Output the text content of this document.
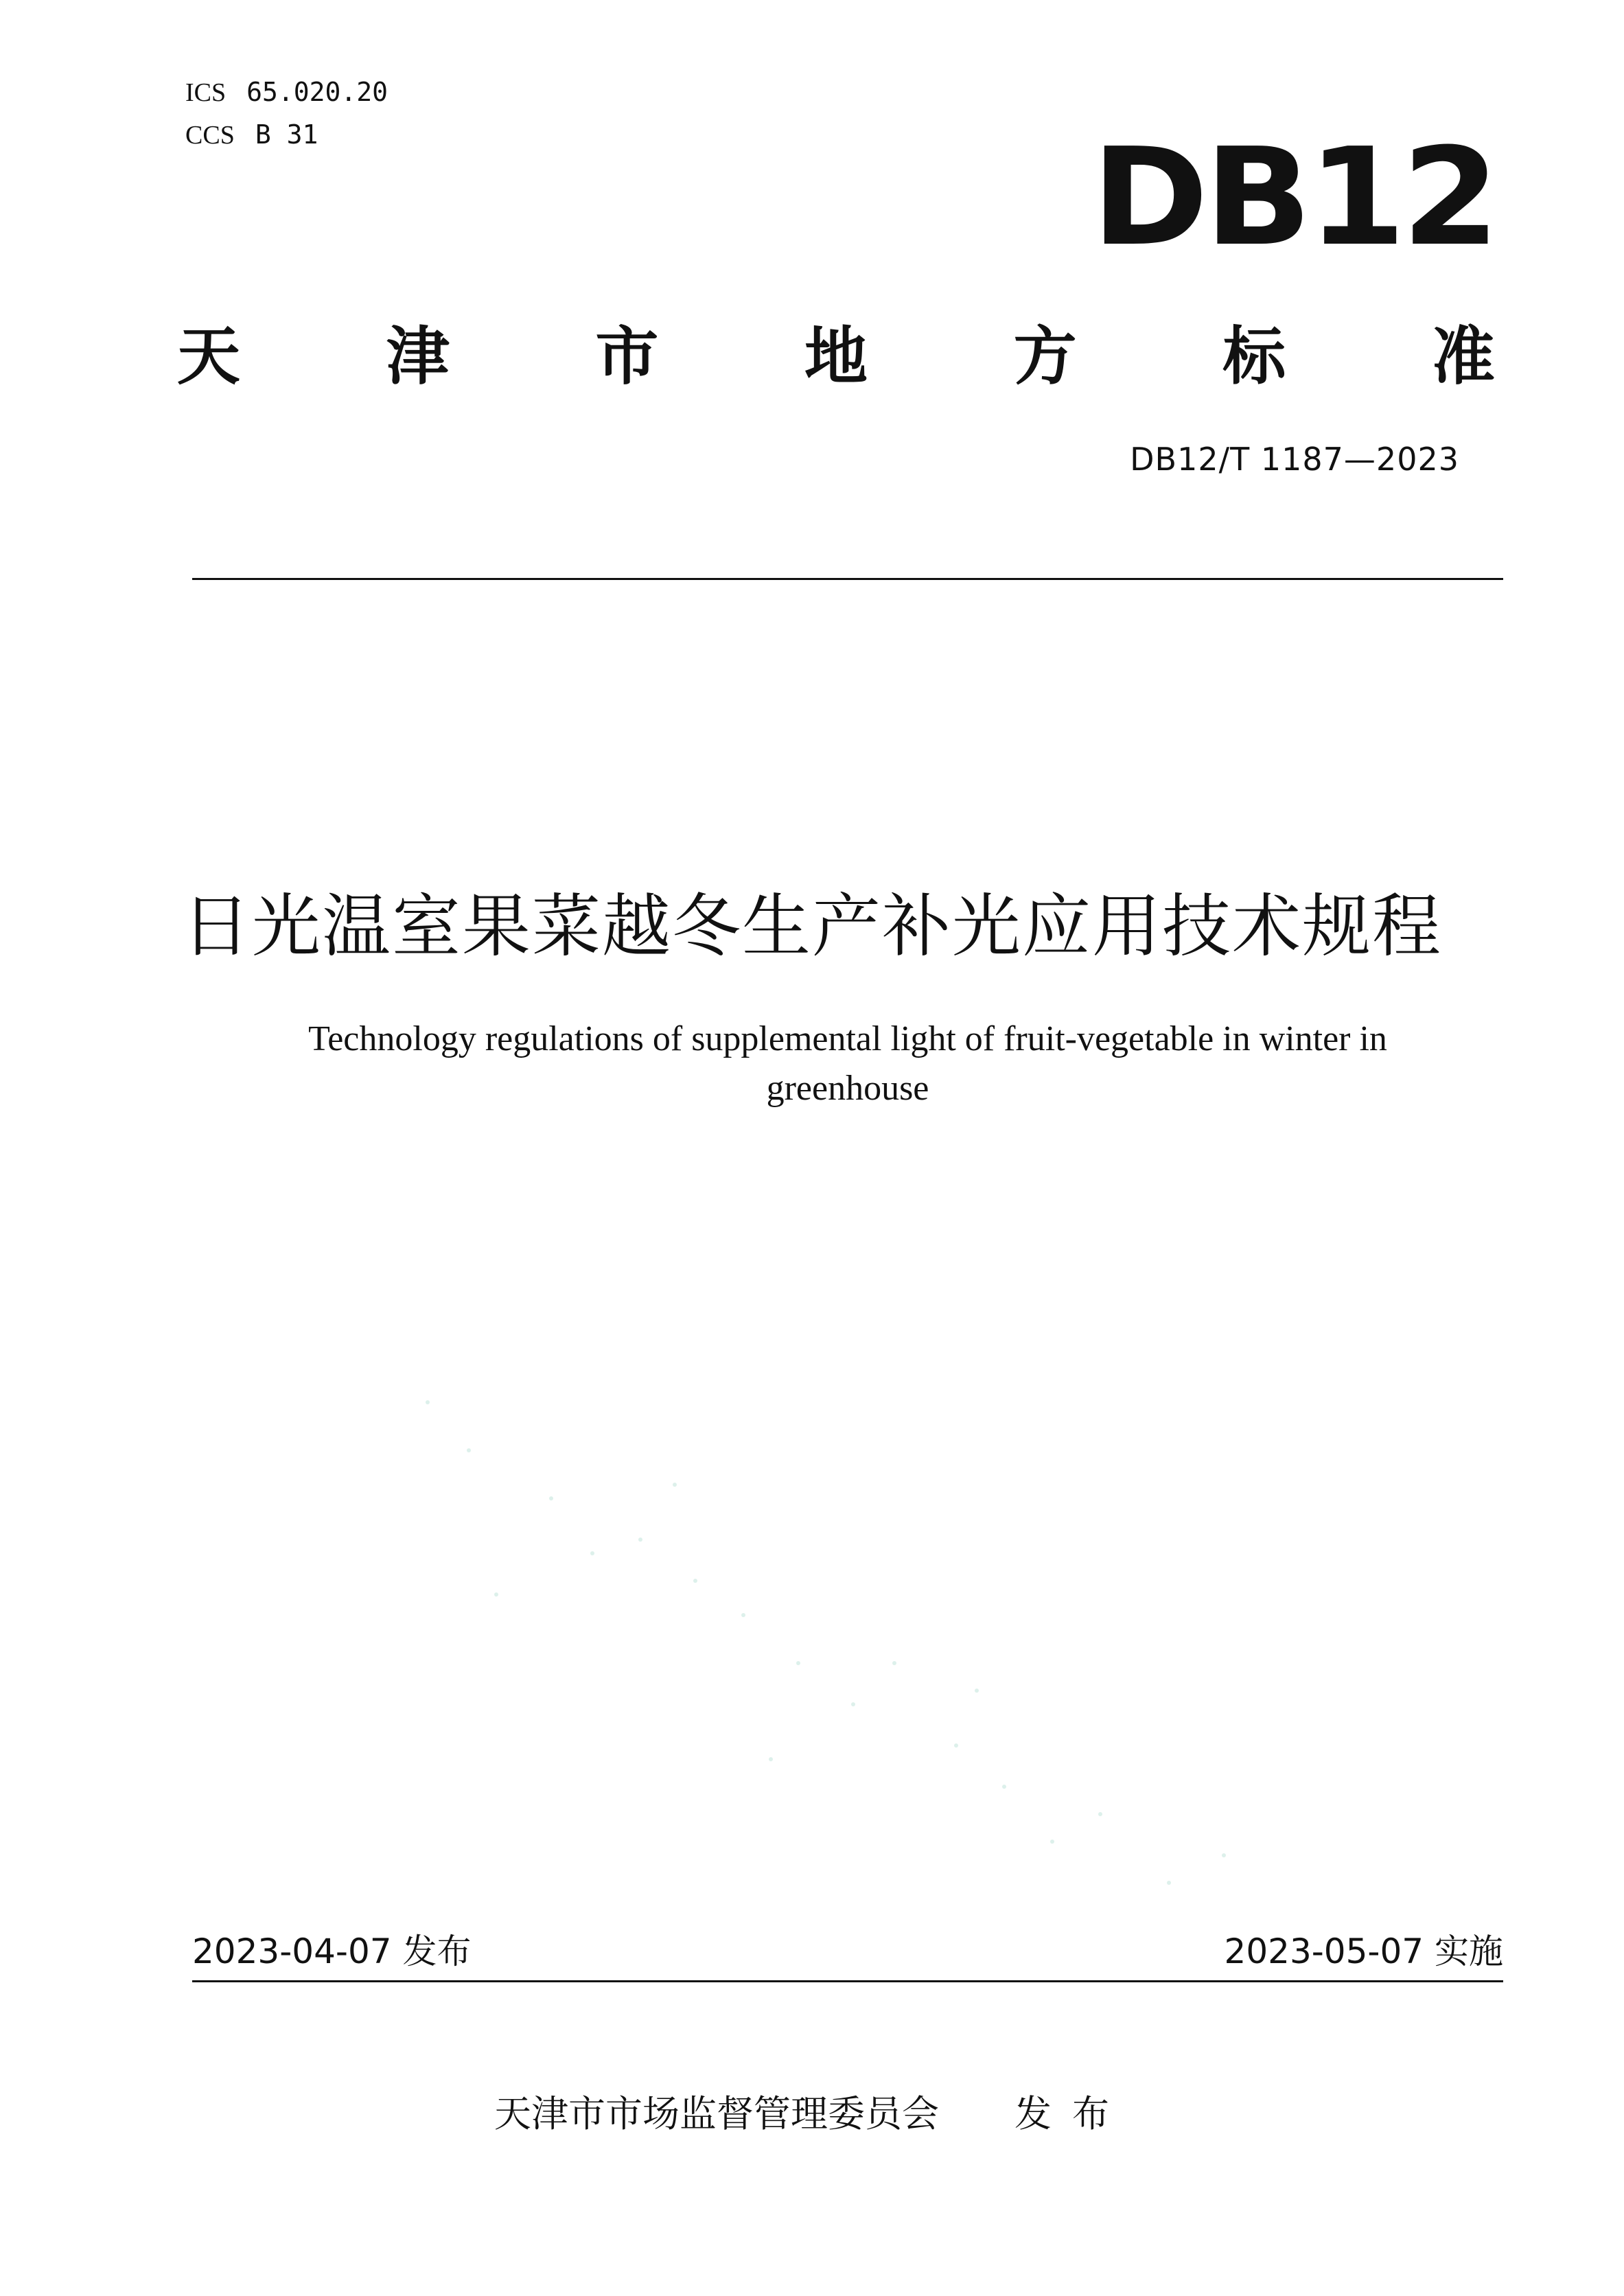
ICS 65.020.20
CCS B 31	DB12
天 津 市 地 方 标 准
DB12/T 1187—2023
日光温室果菜越冬生产补光应用技术规程
Technology regulations of supplemental light of fruit-vegetable in winter in greenhouse
2023-04-07 发布	2023-05-07 实施
天津市市场监督管理委员会 发布
